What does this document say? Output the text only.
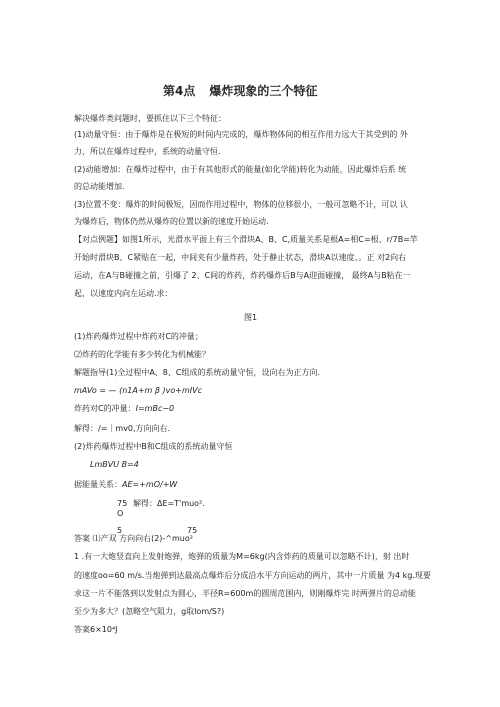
第4点 爆炸现象的三个特征
解决爆炸类问题时，要抓住以下三个特征：
(1)动量守恒：由于爆炸是在极短的时间内完成的，爆炸物体间的相互作用力远大于其受到的 外
力，所以在爆炸过程中，系统的动量守恒.
(2)动能增加：在爆炸过程中，由于有其他形式的能量(如化学能)转化为动能，因此爆炸后系 统
的总动能增加.
(3)位置不变：爆炸的时间极短，因而作用过程中，物体的位移很小，一般可忽略不计，可以 认
为爆炸后，物体仍然从爆炸的位置以新的速度开始运动.
【对点例题】如图1所示，光滑水平面上有三个滑块A、B、C,质量关系是根A=相C=根、r/7B=竿
开始时滑块B、C紧贴在一起，中间夹有少量炸药，处于静止状态，滑块A以速度、。正 对2向右
运动，在A与B碰撞之前，引爆了 2、C间的炸药，炸药爆炸后B与A迎面碰撞， 最终A与B粘在一
起，以速度内向左运动.求：
图1
(1)炸药爆炸过程中炸药对C的冲量；
⑵炸药的化学能有多少转化为机械能？
解题指导(1)全过程中A、8、C组成的系统动量守恒，设向右为正方向.
mAVo = — (n1A+m β )vo+mIVc
炸药对C的冲量：I=mBc−0
解得：/=｜mv0,方向向右.
(2)炸药爆炸过程中B和C组成的系统动量守恒
LmBVU B=4
据能量关系：AE=+mO/+W
75
O
解得：ΔE=T'muo².
5	75
答案 ⑴产双 方向向右(2)-^muo²
1 .有一大炮竖直向上发射炮弹，炮弹的质量为M=6kg(内含炸药的质量可以忽略不计)，射 出时
的速度oo=60 m/s.当炮弹到达最高点爆炸后分成沿水平方向运动的两片，其中一片质量 为4 kg.现要
求这一片不能落到以发射点为圆心，半径R=600m的圆周范围内，则刚爆炸完 时两弹片的总动能
至少为多大？(忽略空气阻力，g取lom/S?)
答案6×10⁴J
